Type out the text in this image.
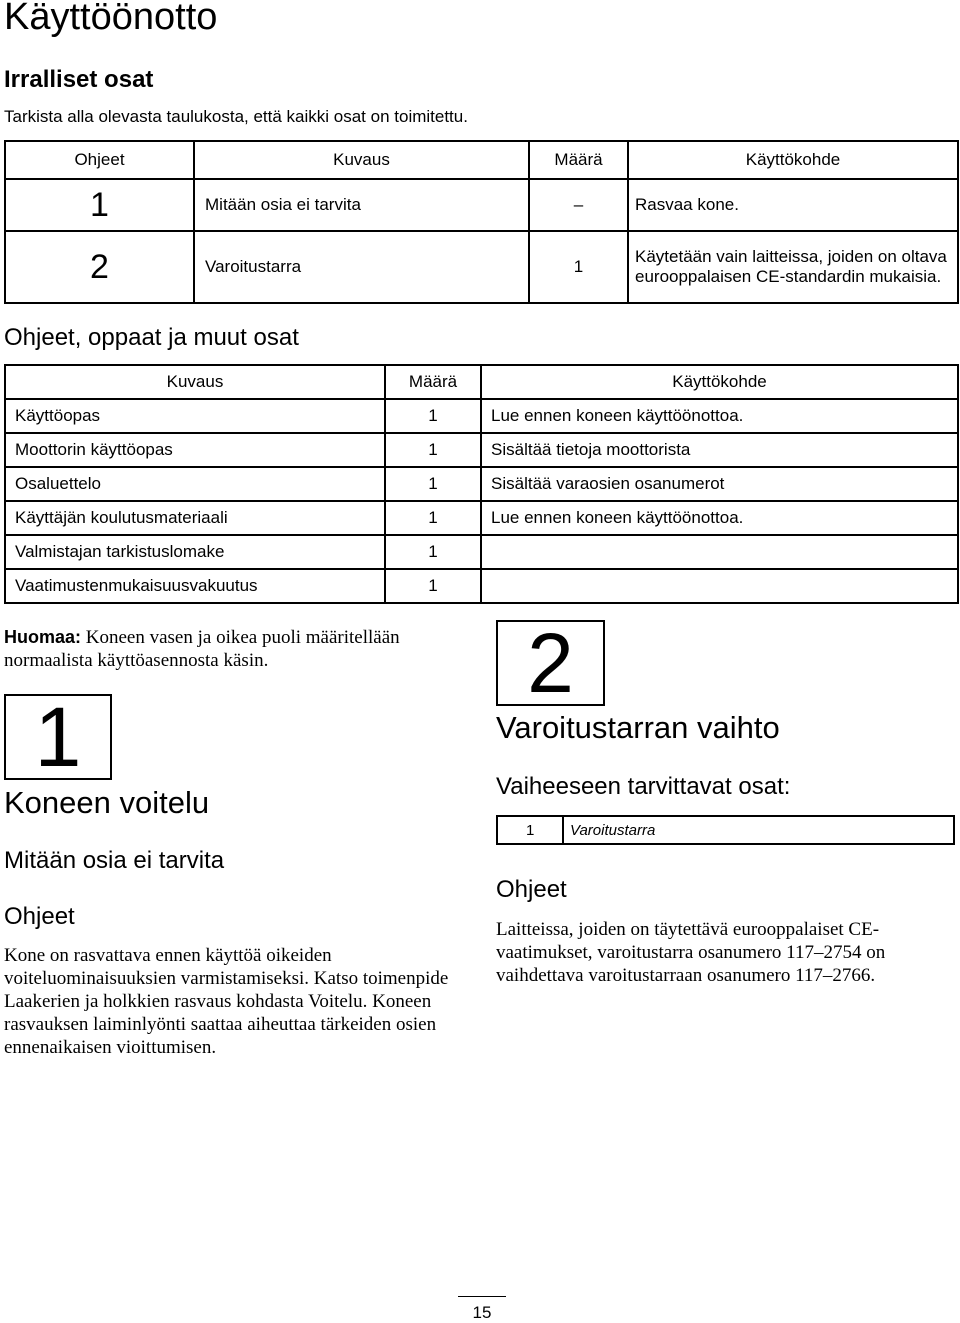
Käyttöönotto
Irralliset osat
Tarkista alla olevasta taulukosta, että kaikki osat on toimitettu.
Ohjeet	Kuvaus	Määrä	Käyttökohde
1	Mitään osia ei tarvita	–	Rasvaa kone.
2	Varoitustarra	1	Käytetään vain laitteissa, joiden on oltava eurooppalaisen CE-standardin mukaisia.
Ohjeet, oppaat ja muut osat
Kuvaus	Määrä	Käyttökohde
Käyttöopas	1	Lue ennen koneen käyttöönottoa.
Moottorin käyttöopas	1	Sisältää tietoja moottorista
Osaluettelo	1	Sisältää varaosien osanumerot
Käyttäjän koulutusmateriaali	1	Lue ennen koneen käyttöönottoa.
Valmistajan tarkistuslomake	1	
Vaatimustenmukaisuusvakuutus	1	
Huomaa: Koneen vasen ja oikea puoli määritellään normaalista käyttöasennosta käsin.
1
Koneen voitelu
Mitään osia ei tarvita
Ohjeet

Kone on rasvattava ennen käyttöä oikeiden voiteluominaisuuksien varmistamiseksi. Katso toimenpide Laakerien ja holkkien rasvaus kohdasta Voitelu. Koneen rasvauksen laiminlyönti saattaa aiheuttaa tärkeiden osien ennenaikaisen vioittumisen.

2
Varoitustarran vaihto
Vaiheeseen tarvittavat osat:
1	Varoitustarra
Ohjeet

Laitteissa, joiden on täytettävä eurooppalaiset CE-vaatimukset, varoitustarra osanumero 117–2754 on vaihdettava varoitustarraan osanumero 117–2766.

15
